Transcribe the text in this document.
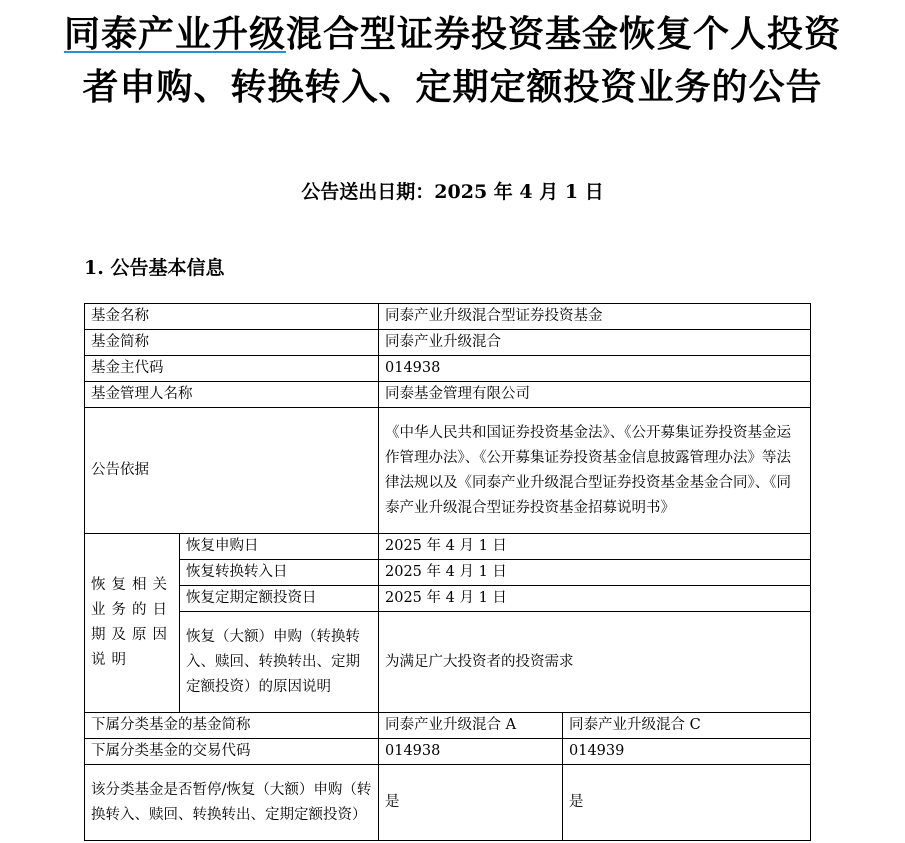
同泰产业升级混合型证券投资基金恢复个人投资者申购、转换转入、定期定额投资业务的公告
公告送出日期：2025 年 4 月 1 日
1. 公告基本信息
基金名称		同泰产业升级混合型证券投资基金	
基金简称		同泰产业升级混合	
基金主代码		014938	
基金管理人名称		同泰基金管理有限公司	
公告依据		《中华人民共和国证券投资基金法》、《公开募集证券投资基金运作管理办法》、《公开募集证券投资基金信息披露管理办法》等法律法规以及《同泰产业升级混合型证券投资基金基金合同》、《同泰产业升级混合型证券投资基金招募说明书》	
恢复相关业务的日期及原因说明	恢复申购日	2025 年 4 月 1 日	
	恢复转换转入日	2025 年 4 月 1 日	
	恢复定期定额投资日	2025 年 4 月 1 日	
	恢复（大额）申购（转换转入、赎回、转换转出、定期定额投资）的原因说明	为满足广大投资者的投资需求	
下属分类基金的基金简称		同泰产业升级混合 A	同泰产业升级混合 C
下属分类基金的交易代码		014938	014939
该分类基金是否暂停/恢复（大额）申购（转换转入、赎回、转换转出、定期定额投资）		是	是
